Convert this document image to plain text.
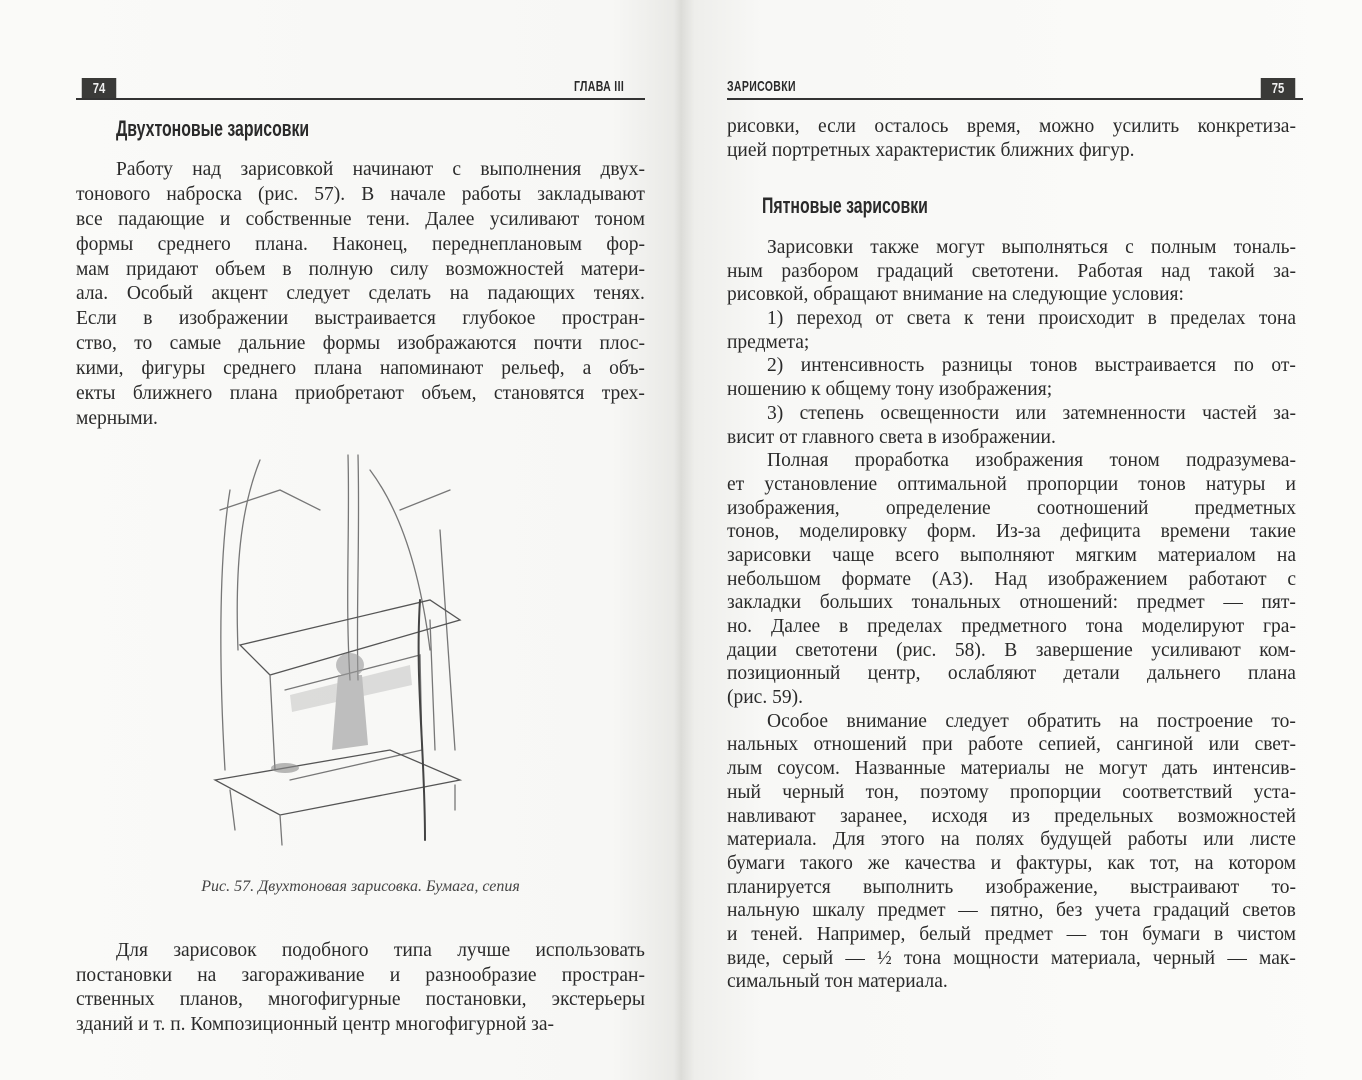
74	ГЛАВА III
Двухтоновые зарисовки
Работу над зарисовкой начинают с выполнения двух-
тонового наброска (рис. 57). В начале работы закладывают
все падающие и собственные тени. Далее усиливают тоном
формы среднего плана. Наконец, переднеплановым фор-
мам придают объем в полную силу возможностей матери-
ала. Особый акцент следует сделать на падающих тенях.
Если в изображении выстраивается глубокое простран-
ство, то самые дальние формы изображаются почти плос-
кими, фигуры среднего плана напоминают рельеф, а объ-
екты ближнего плана приобретают объем, становятся трех-
мерными.
Рис. 57. Двухтоновая зарисовка. Бумага, сепия
Для зарисовок подобного типа лучше использовать
постановки на загораживание и разнообразие простран-
ственных планов, многофигурные постановки, экстерьеры
зданий и т. п. Композиционный центр многофигурной за-
ЗАРИСОВКИ	75
рисовки, если осталось время, можно усилить конкретиза-
цией портретных характеристик ближних фигур.
Пятновые зарисовки
Зарисовки также могут выполняться с полным тональ-
ным разбором градаций светотени. Работая над такой за-
рисовкой, обращают внимание на следующие условия:
1) переход от света к тени происходит в пределах тона
предмета;
2) интенсивность разницы тонов выстраивается по от-
ношению к общему тону изображения;
3) степень освещенности или затемненности частей за-
висит от главного света в изображении.
Полная проработка изображения тоном подразумева-
ет установление оптимальной пропорции тонов натуры и
изображения, определение соотношений предметных
тонов, моделировку форм. Из-за дефицита времени такие
зарисовки чаще всего выполняют мягким материалом на
небольшом формате (А3). Над изображением работают с
закладки больших тональных отношений: предмет — пят-
но. Далее в пределах предметного тона моделируют гра-
дации светотени (рис. 58). В завершение усиливают ком-
позиционный центр, ослабляют детали дальнего плана
(рис. 59).
Особое внимание следует обратить на построение то-
нальных отношений при работе сепией, сангиной или свет-
лым соусом. Названные материалы не могут дать интенсив-
ный черный тон, поэтому пропорции соответствий уста-
навливают заранее, исходя из предельных возможностей
материала. Для этого на полях будущей работы или листе
бумаги такого же качества и фактуры, как тот, на котором
планируется выполнить изображение, выстраивают то-
нальную шкалу предмет — пятно, без учета градаций светов
и теней. Например, белый предмет — тон бумаги в чистом
виде, серый — ½ тона мощности материала, черный — мак-
симальный тон материала.
